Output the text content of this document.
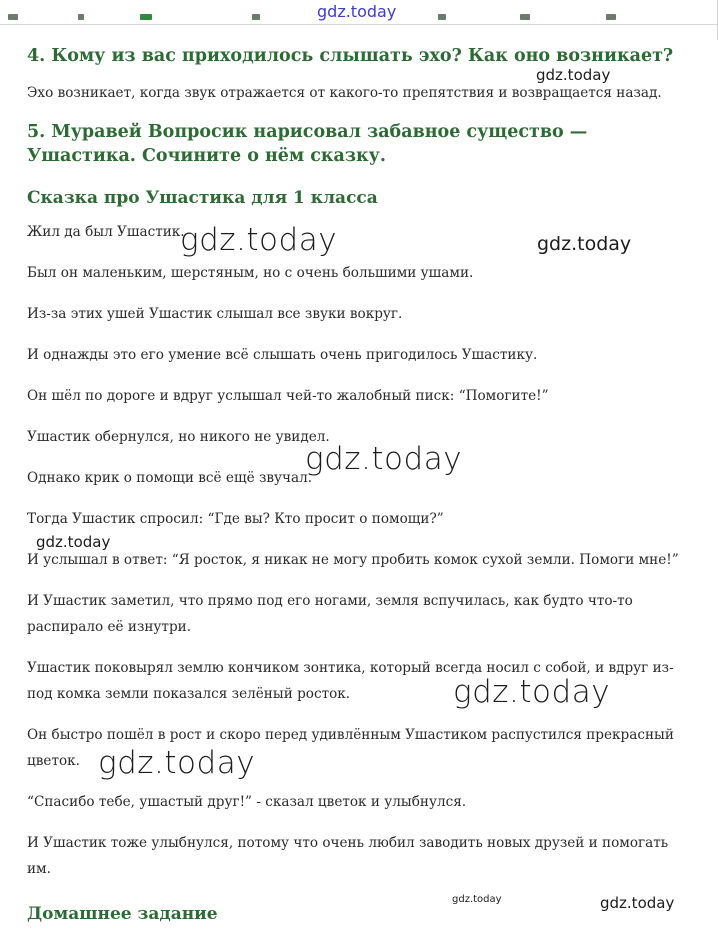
4. Кому из вас приходилось слышать эхо? Как оно возникает?

Эхо возникает, когда звук отражается от какого-то препятствия и возвращается назад.

5. Муравей Вопросик нарисовал забавное существо — Ушастика. Сочините о нём сказку.
Сказка про Ушастика для 1 класса

Жил да был Ушастик.

Был он маленьким, шерстяным, но с очень большими ушами.

Из-за этих ушей Ушастик слышал все звуки вокруг.

И однажды это его умение всё слышать очень пригодилось Ушастику.

Он шёл по дороге и вдруг услышал чей-то жалобный писк: “Помогите!”

Ушастик обернулся, но никого не увидел.

Однако крик о помощи всё ещё звучал.

Тогда Ушастик спросил: “Где вы? Кто просит о помощи?”

И услышал в ответ: “Я росток, я никак не могу пробить комок сухой земли. Помоги мне!”

И Ушастик заметил, что прямо под его ногами, земля вспучилась, как будто что-то распирало её изнутри.

Ушастик поковырял землю кончиком зонтика, который всегда носил с собой, и вдруг из-под комка земли показался зелёный росток.

Он быстро пошёл в рост и скоро перед удивлённым Ушастиком распустился прекрасный цветок.

“Спасибо тебе, ушастый друг!” - сказал цветок и улыбнулся.

И Ушастик тоже улыбнулся, потому что очень любил заводить новых друзей и помогать им.

Домашнее задание
gdz.today
gdz.today
gdz.today	gdz.today
gdz.today
gdz.today
gdz.today
gdz.today
gdz.today	gdz.today
